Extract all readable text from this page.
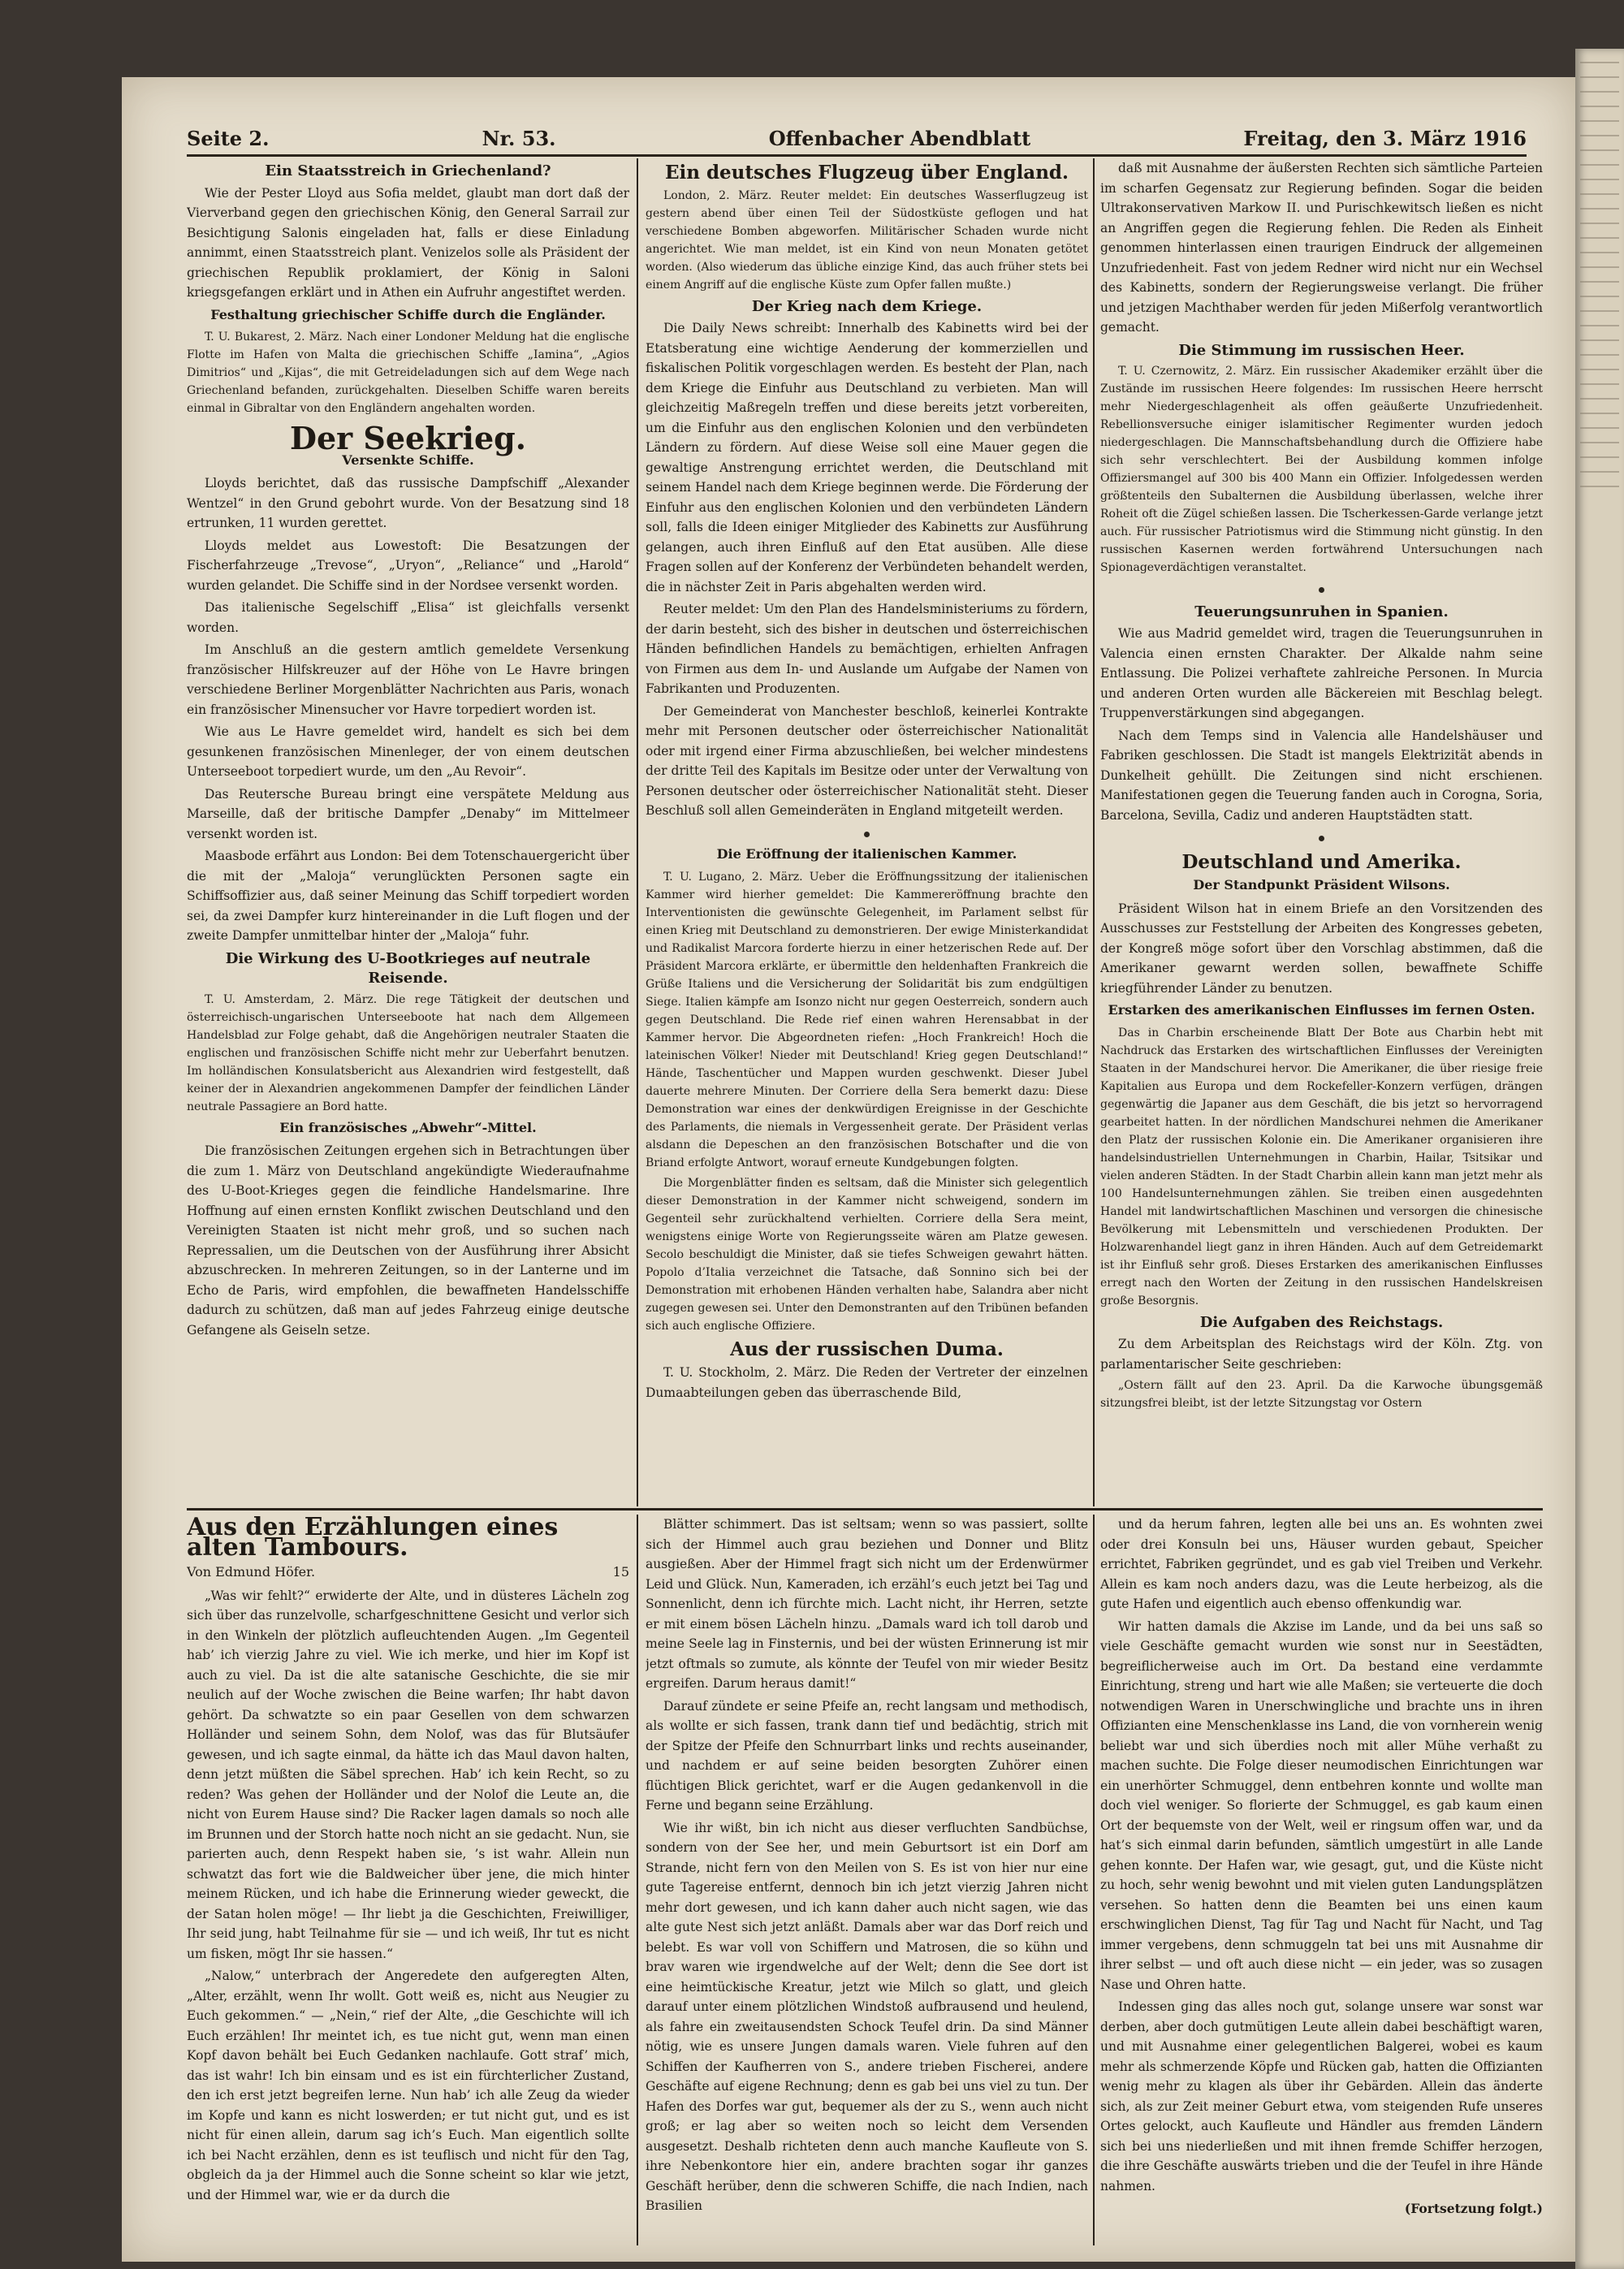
Seite 2.	Nr. 53.	Offenbacher Abendblatt	Freitag, den 3. März 1916
Ein Staatsstreich in Griechenland?

Wie der Pester Lloyd aus Sofia meldet, glaubt man dort daß der Vierverband gegen den griechischen König, den General Sarrail zur Besichtigung Salonis eingeladen hat, falls er diese Einladung annimmt, einen Staatsstreich plant. Venizelos solle als Präsident der griechischen Republik proklamiert, der König in Saloni kriegsgefangen erklärt und in Athen ein Aufruhr angestiftet werden.

Festhaltung griechischer Schiffe durch die Engländer.

T. U. Bukarest, 2. März. Nach einer Londoner Meldung hat die englische Flotte im Hafen von Malta die griechischen Schiffe „Iamina“, „Agios Dimitrios“ und „Kijas“, die mit Getreideladungen sich auf dem Wege nach Griechenland befanden, zurückgehalten. Dieselben Schiffe waren bereits einmal in Gibraltar von den Engländern angehalten worden.

Der Seekrieg.
Versenkte Schiffe.

Lloyds berichtet, daß das russische Dampfschiff „Alexander Wentzel“ in den Grund gebohrt wurde. Von der Besatzung sind 18 ertrunken, 11 wurden gerettet.

Lloyds meldet aus Lowestoft: Die Besatzungen der Fischerfahrzeuge „Trevose“, „Uryon“, „Reliance“ und „Harold“ wurden gelandet. Die Schiffe sind in der Nordsee versenkt worden.

Das italienische Segelschiff „Elisa“ ist gleichfalls versenkt worden.

Im Anschluß an die gestern amtlich gemeldete Versenkung französischer Hilfskreuzer auf der Höhe von Le Havre bringen verschiedene Berliner Morgenblätter Nachrichten aus Paris, wonach ein französischer Minensucher vor Havre torpediert worden ist.

Wie aus Le Havre gemeldet wird, handelt es sich bei dem gesunkenen französischen Minenleger, der von einem deutschen Unterseeboot torpediert wurde, um den „Au Revoir“.

Das Reutersche Bureau bringt eine verspätete Meldung aus Marseille, daß der britische Dampfer „Denaby“ im Mittelmeer versenkt worden ist.

Maasbode erfährt aus London: Bei dem Totenschauergericht über die mit der „Maloja“ verunglückten Personen sagte ein Schiffsoffizier aus, daß seiner Meinung das Schiff torpediert worden sei, da zwei Dampfer kurz hintereinander in die Luft flogen und der zweite Dampfer unmittelbar hinter der „Maloja“ fuhr.

Die Wirkung des U-Bootkrieges auf neutrale Reisende.

T. U. Amsterdam, 2. März. Die rege Tätigkeit der deutschen und österreichisch-ungarischen Unterseeboote hat nach dem Allgemeen Handelsblad zur Folge gehabt, daß die Angehörigen neutraler Staaten die englischen und französischen Schiffe nicht mehr zur Ueberfahrt benutzen. Im holländischen Konsulatsbericht aus Alexandrien wird festgestellt, daß keiner der in Alexandrien angekommenen Dampfer der feindlichen Länder neutrale Passagiere an Bord hatte.

Ein französisches „Abwehr“-Mittel.

Die französischen Zeitungen ergehen sich in Betrachtungen über die zum 1. März von Deutschland angekündigte Wiederaufnahme des U-Boot-Krieges gegen die feindliche Handelsmarine. Ihre Hoffnung auf einen ernsten Konflikt zwischen Deutschland und den Vereinigten Staaten ist nicht mehr groß, und so suchen nach Repressalien, um die Deutschen von der Ausführung ihrer Absicht abzuschrecken. In mehreren Zeitungen, so in der Lanterne und im Echo de Paris, wird empfohlen, die bewaffneten Handelsschiffe dadurch zu schützen, daß man auf jedes Fahrzeug einige deutsche Gefangene als Geiseln setze.

Ein deutsches Flugzeug über England.

London, 2. März. Reuter meldet: Ein deutsches Wasserflugzeug ist gestern abend über einen Teil der Südostküste geflogen und hat verschiedene Bomben abgeworfen. Militärischer Schaden wurde nicht angerichtet. Wie man meldet, ist ein Kind von neun Monaten getötet worden. (Also wiederum das übliche einzige Kind, das auch früher stets bei einem Angriff auf die englische Küste zum Opfer fallen mußte.)

Der Krieg nach dem Kriege.

Die Daily News schreibt: Innerhalb des Kabinetts wird bei der Etatsberatung eine wichtige Aenderung der kommerziellen und fiskalischen Politik vorgeschlagen werden. Es besteht der Plan, nach dem Kriege die Einfuhr aus Deutschland zu verbieten. Man will gleichzeitig Maßregeln treffen und diese bereits jetzt vorbereiten, um die Einfuhr aus den englischen Kolonien und den verbündeten Ländern zu fördern. Auf diese Weise soll eine Mauer gegen die gewaltige Anstrengung errichtet werden, die Deutschland mit seinem Handel nach dem Kriege beginnen werde. Die Förderung der Einfuhr aus den englischen Kolonien und den verbündeten Ländern soll, falls die Ideen einiger Mitglieder des Kabinetts zur Ausführung gelangen, auch ihren Einfluß auf den Etat ausüben. Alle diese Fragen sollen auf der Konferenz der Verbündeten behandelt werden, die in nächster Zeit in Paris abgehalten werden wird.

Reuter meldet: Um den Plan des Handelsministeriums zu fördern, der darin besteht, sich des bisher in deutschen und österreichischen Händen befindlichen Handels zu bemächtigen, erhielten Anfragen von Firmen aus dem In- und Auslande um Aufgabe der Namen von Fabrikanten und Produzenten.

Der Gemeinderat von Manchester beschloß, keinerlei Kontrakte mehr mit Personen deutscher oder österreichischer Nationalität oder mit irgend einer Firma abzuschließen, bei welcher mindestens der dritte Teil des Kapitals im Besitze oder unter der Verwaltung von Personen deutscher oder österreichischer Nationalität steht. Dieser Beschluß soll allen Gemeinderäten in England mitgeteilt werden.

Die Eröffnung der italienischen Kammer.

T. U. Lugano, 2. März. Ueber die Eröffnungssitzung der italienischen Kammer wird hierher gemeldet: Die Kammereröffnung brachte den Interventionisten die gewünschte Gelegenheit, im Parlament selbst für einen Krieg mit Deutschland zu demonstrieren. Der ewige Ministerkandidat und Radikalist Marcora forderte hierzu in einer hetzerischen Rede auf. Der Präsident Marcora erklärte, er übermittle den heldenhaften Frankreich die Grüße Italiens und die Versicherung der Solidarität bis zum endgültigen Siege. Italien kämpfe am Isonzo nicht nur gegen Oesterreich, sondern auch gegen Deutschland. Die Rede rief einen wahren Herensabbat in der Kammer hervor. Die Abgeordneten riefen: „Hoch Frankreich! Hoch die lateinischen Völker! Nieder mit Deutschland! Krieg gegen Deutschland!“ Hände, Taschentücher und Mappen wurden geschwenkt. Dieser Jubel dauerte mehrere Minuten. Der Corriere della Sera bemerkt dazu: Diese Demonstration war eines der denkwürdigen Ereignisse in der Geschichte des Parlaments, die niemals in Vergessenheit gerate. Der Präsident verlas alsdann die Depeschen an den französischen Botschafter und die von Briand erfolgte Antwort, worauf erneute Kundgebungen folgten.

Die Morgenblätter finden es seltsam, daß die Minister sich gelegentlich dieser Demonstration in der Kammer nicht schweigend, sondern im Gegenteil sehr zurückhaltend verhielten. Corriere della Sera meint, wenigstens einige Worte von Regierungsseite wären am Platze gewesen. Secolo beschuldigt die Minister, daß sie tiefes Schweigen gewahrt hätten. Popolo d’Italia verzeichnet die Tatsache, daß Sonnino sich bei der Demonstration mit erhobenen Händen verhalten habe, Salandra aber nicht zugegen gewesen sei. Unter den Demonstranten auf den Tribünen befanden sich auch englische Offiziere.

Aus der russischen Duma.

T. U. Stockholm, 2. März. Die Reden der Vertreter der einzelnen Dumaabteilungen geben das überraschende Bild,

daß mit Ausnahme der äußersten Rechten sich sämtliche Parteien im scharfen Gegensatz zur Regierung befinden. Sogar die beiden Ultrakonservativen Markow II. und Purischkewitsch ließen es nicht an Angriffen gegen die Regierung fehlen. Die Reden als Einheit genommen hinterlassen einen traurigen Eindruck der allgemeinen Unzufriedenheit. Fast von jedem Redner wird nicht nur ein Wechsel des Kabinetts, sondern der Regierungsweise verlangt. Die früher und jetzigen Machthaber werden für jeden Mißerfolg verantwortlich gemacht.

Die Stimmung im russischen Heer.

T. U. Czernowitz, 2. März. Ein russischer Akademiker erzählt über die Zustände im russischen Heere folgendes: Im russischen Heere herrscht mehr Niedergeschlagenheit als offen geäußerte Unzufriedenheit. Rebellionsversuche einiger islamitischer Regimenter wurden jedoch niedergeschlagen. Die Mannschaftsbehandlung durch die Offiziere habe sich sehr verschlechtert. Bei der Ausbildung kommen infolge Offiziersmangel auf 300 bis 400 Mann ein Offizier. Infolgedessen werden größtenteils den Subalternen die Ausbildung überlassen, welche ihrer Roheit oft die Zügel schießen lassen. Die Tscherkessen-Garde verlange jetzt auch. Für russischer Patriotismus wird die Stimmung nicht günstig. In den russischen Kasernen werden fortwährend Untersuchungen nach Spionageverdächtigen veranstaltet.

Teuerungsunruhen in Spanien.

Wie aus Madrid gemeldet wird, tragen die Teuerungsunruhen in Valencia einen ernsten Charakter. Der Alkalde nahm seine Entlassung. Die Polizei verhaftete zahlreiche Personen. In Murcia und anderen Orten wurden alle Bäckereien mit Beschlag belegt. Truppenverstärkungen sind abgegangen.

Nach dem Temps sind in Valencia alle Handelshäuser und Fabriken geschlossen. Die Stadt ist mangels Elektrizität abends in Dunkelheit gehüllt. Die Zeitungen sind nicht erschienen. Manifestationen gegen die Teuerung fanden auch in Corogna, Soria, Barcelona, Sevilla, Cadiz und anderen Hauptstädten statt.

Deutschland und Amerika.
Der Standpunkt Präsident Wilsons.

Präsident Wilson hat in einem Briefe an den Vorsitzenden des Ausschusses zur Feststellung der Arbeiten des Kongresses gebeten, der Kongreß möge sofort über den Vorschlag abstimmen, daß die Amerikaner gewarnt werden sollen, bewaffnete Schiffe kriegführender Länder zu benutzen.

Erstarken des amerikanischen Einflusses im fernen Osten.

Das in Charbin erscheinende Blatt Der Bote aus Charbin hebt mit Nachdruck das Erstarken des wirtschaftlichen Einflusses der Vereinigten Staaten in der Mandschurei hervor. Die Amerikaner, die über riesige freie Kapitalien aus Europa und dem Rockefeller-Konzern verfügen, drängen gegenwärtig die Japaner aus dem Geschäft, die bis jetzt so hervorragend gearbeitet hatten. In der nördlichen Mandschurei nehmen die Amerikaner den Platz der russischen Kolonie ein. Die Amerikaner organisieren ihre handelsindustriellen Unternehmungen in Charbin, Hailar, Tsitsikar und vielen anderen Städten. In der Stadt Charbin allein kann man jetzt mehr als 100 Handelsunternehmungen zählen. Sie treiben einen ausgedehnten Handel mit landwirtschaftlichen Maschinen und versorgen die chinesische Bevölkerung mit Lebensmitteln und verschiedenen Produkten. Der Holzwarenhandel liegt ganz in ihren Händen. Auch auf dem Getreidemarkt ist ihr Einfluß sehr groß. Dieses Erstarken des amerikanischen Einflusses erregt nach den Worten der Zeitung in den russischen Handelskreisen große Besorgnis.

Die Aufgaben des Reichstags.

Zu dem Arbeitsplan des Reichstags wird der Köln. Ztg. von parlamentarischer Seite geschrieben:

„Ostern fällt auf den 23. April. Da die Karwoche übungsgemäß sitzungsfrei bleibt, ist der letzte Sitzungstag vor Ostern

Aus den Erzählungen eines alten Tambours.
Von Edmund Höfer.	15

„Was wir fehlt?“ erwiderte der Alte, und in düsteres Lächeln zog sich über das runzelvolle, scharfgeschnittene Gesicht und verlor sich in den Winkeln der plötzlich aufleuchtenden Augen. „Im Gegenteil hab’ ich vierzig Jahre zu viel. Wie ich merke, und hier im Kopf ist auch zu viel. Da ist die alte satanische Geschichte, die sie mir neulich auf der Woche zwischen die Beine warfen; Ihr habt davon gehört. Da schwatzte so ein paar Gesellen von dem schwarzen Holländer und seinem Sohn, dem Nolof, was das für Blutsäufer gewesen, und ich sagte einmal, da hätte ich das Maul davon halten, denn jetzt müßten die Säbel sprechen. Hab’ ich kein Recht, so zu reden? Was gehen der Holländer und der Nolof die Leute an, die nicht von Eurem Hause sind? Die Racker lagen damals so noch alle im Brunnen und der Storch hatte noch nicht an sie gedacht. Nun, sie parierten auch, denn Respekt haben sie, ’s ist wahr. Allein nun schwatzt das fort wie die Baldweicher über jene, die mich hinter meinem Rücken, und ich habe die Erinnerung wieder geweckt, die der Satan holen möge! — Ihr liebt ja die Geschichten, Freiwilliger, Ihr seid jung, habt Teilnahme für sie — und ich weiß, Ihr tut es nicht um fisken, mögt Ihr sie hassen.“

„Nalow,“ unterbrach der Angeredete den aufgeregten Alten, „Alter, erzählt, wenn Ihr wollt. Gott weiß es, nicht aus Neugier zu Euch gekommen.“ — „Nein,“ rief der Alte, „die Geschichte will ich Euch erzählen! Ihr meintet ich, es tue nicht gut, wenn man einen Kopf davon behält bei Euch Gedanken nachlaufe. Gott straf’ mich, das ist wahr! Ich bin einsam und es ist ein fürchterlicher Zustand, den ich erst jetzt begreifen lerne. Nun hab’ ich alle Zeug da wieder im Kopfe und kann es nicht loswerden; er tut nicht gut, und es ist nicht für einen allein, darum sag ich’s Euch. Man eigentlich sollte ich bei Nacht erzählen, denn es ist teuflisch und nicht für den Tag, obgleich da ja der Himmel auch die Sonne scheint so klar wie jetzt, und der Himmel war, wie er da durch die

Blätter schimmert. Das ist seltsam; wenn so was passiert, sollte sich der Himmel auch grau beziehen und Donner und Blitz ausgießen. Aber der Himmel fragt sich nicht um der Erdenwürmer Leid und Glück. Nun, Kameraden, ich erzähl’s euch jetzt bei Tag und Sonnenlicht, denn ich fürchte mich. Lacht nicht, ihr Herren, setzte er mit einem bösen Lächeln hinzu. „Damals ward ich toll darob und meine Seele lag in Finsternis, und bei der wüsten Erinnerung ist mir jetzt oftmals so zumute, als könnte der Teufel von mir wieder Besitz ergreifen. Darum heraus damit!“

Darauf zündete er seine Pfeife an, recht langsam und methodisch, als wollte er sich fassen, trank dann tief und bedächtig, strich mit der Spitze der Pfeife den Schnurrbart links und rechts auseinander, und nachdem er auf seine beiden besorgten Zuhörer einen flüchtigen Blick gerichtet, warf er die Augen gedankenvoll in die Ferne und begann seine Erzählung.

Wie ihr wißt, bin ich nicht aus dieser verfluchten Sandbüchse, sondern von der See her, und mein Geburtsort ist ein Dorf am Strande, nicht fern von den Meilen von S. Es ist von hier nur eine gute Tagereise entfernt, dennoch bin ich jetzt vierzig Jahren nicht mehr dort gewesen, und ich kann daher auch nicht sagen, wie das alte gute Nest sich jetzt anläßt. Damals aber war das Dorf reich und belebt. Es war voll von Schiffern und Matrosen, die so kühn und brav waren wie irgendwelche auf der Welt; denn die See dort ist eine heimtückische Kreatur, jetzt wie Milch so glatt, und gleich darauf unter einem plötzlichen Windstoß aufbrausend und heulend, als fahre ein zweitausendsten Schock Teufel drin. Da sind Männer nötig, wie es unsere Jungen damals waren. Viele fuhren auf den Schiffen der Kaufherren von S., andere trieben Fischerei, andere Geschäfte auf eigene Rechnung; denn es gab bei uns viel zu tun. Der Hafen des Dorfes war gut, bequemer als der zu S., wenn auch nicht groß; er lag aber so weiten noch so leicht dem Versenden ausgesetzt. Deshalb richteten denn auch manche Kaufleute von S. ihre Nebenkontore hier ein, andere brachten sogar ihr ganzes Geschäft herüber, denn die schweren Schiffe, die nach Indien, nach Brasilien

und da herum fahren, legten alle bei uns an. Es wohnten zwei oder drei Konsuln bei uns, Häuser wurden gebaut, Speicher errichtet, Fabriken gegründet, und es gab viel Treiben und Verkehr. Allein es kam noch anders dazu, was die Leute herbeizog, als die gute Hafen und eigentlich auch ebenso offenkundig war.

Wir hatten damals die Akzise im Lande, und da bei uns saß so viele Geschäfte gemacht wurden wie sonst nur in Seestädten, begreiflicherweise auch im Ort. Da bestand eine verdammte Einrichtung, streng und hart wie alle Maßen; sie verteuerte die doch notwendigen Waren in Unerschwingliche und brachte uns in ihren Offizianten eine Menschenklasse ins Land, die von vornherein wenig beliebt war und sich überdies noch mit aller Mühe verhaßt zu machen suchte. Die Folge dieser neumodischen Einrichtungen war ein unerhörter Schmuggel, denn entbehren konnte und wollte man doch viel weniger. So florierte der Schmuggel, es gab kaum einen Ort der bequemste von der Welt, weil er ringsum offen war, und da hat’s sich einmal darin befunden, sämtlich umgestürt in alle Lande gehen konnte. Der Hafen war, wie gesagt, gut, und die Küste nicht zu hoch, sehr wenig bewohnt und mit vielen guten Landungsplätzen versehen. So hatten denn die Beamten bei uns einen kaum erschwinglichen Dienst, Tag für Tag und Nacht für Nacht, und Tag immer vergebens, denn schmuggeln tat bei uns mit Ausnahme dir ihrer selbst — und oft auch diese nicht — ein jeder, was so zusagen Nase und Ohren hatte.

Indessen ging das alles noch gut, solange unsere war sonst war derben, aber doch gutmütigen Leute allein dabei beschäftigt waren, und mit Ausnahme einer gelegentlichen Balgerei, wobei es kaum mehr als schmerzende Köpfe und Rücken gab, hatten die Offizianten wenig mehr zu klagen als über ihr Gebärden. Allein das änderte sich, als zur Zeit meiner Geburt etwa, vom steigenden Rufe unseres Ortes gelockt, auch Kaufleute und Händler aus fremden Ländern sich bei uns niederließen und mit ihnen fremde Schiffer herzogen, die ihre Geschäfte auswärts trieben und die der Teufel in ihre Hände nahmen.

(Fortsetzung folgt.)
